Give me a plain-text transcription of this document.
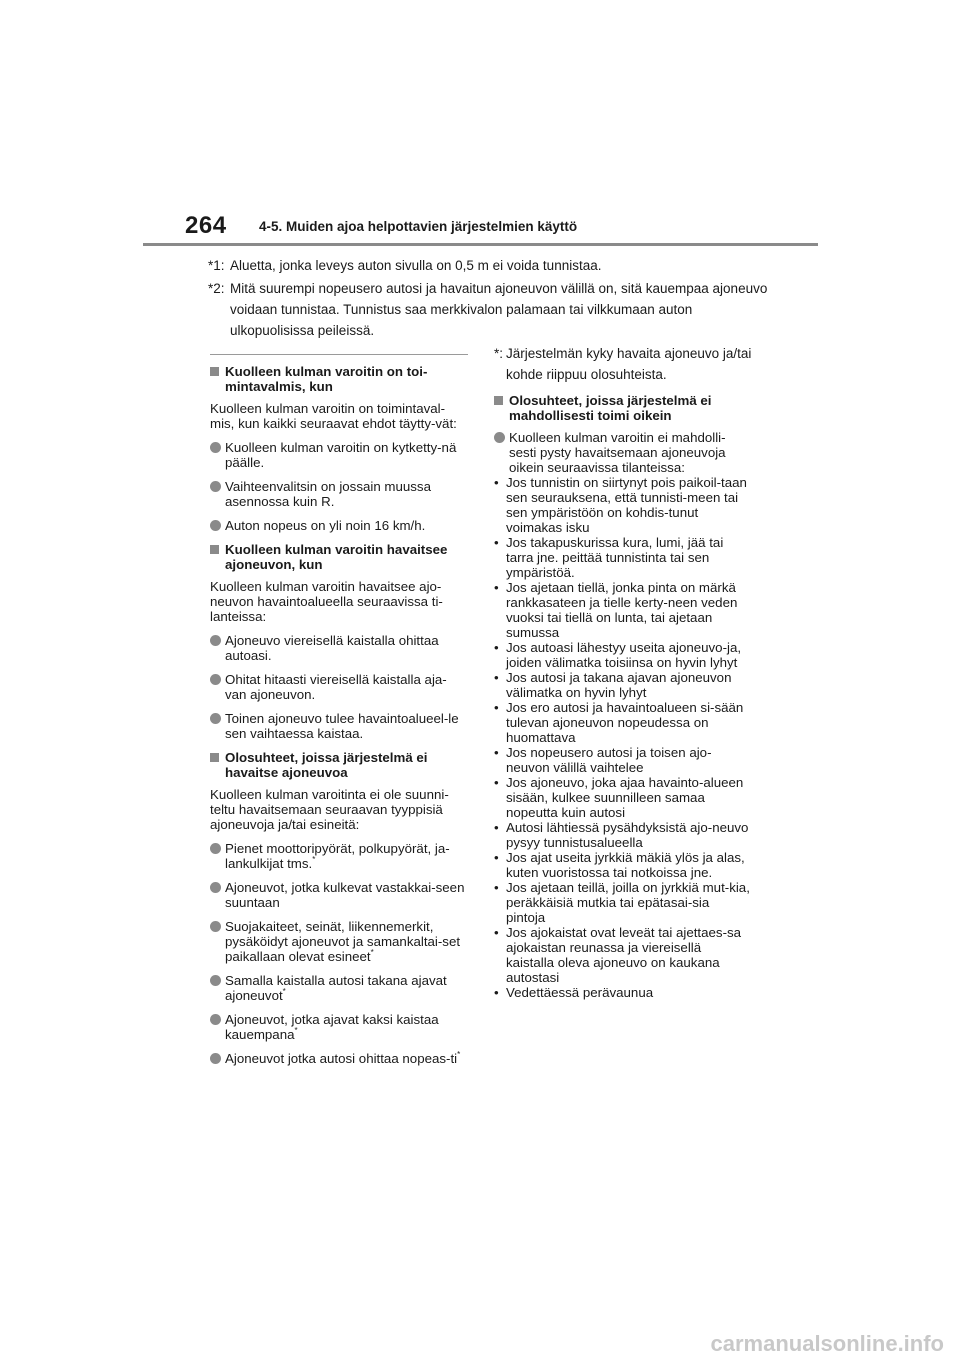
264 4-5. Muiden ajoa helpottavien järjestelmien käyttö
*1: Aluetta, jonka leveys auton sivulla on 0,5 m ei voida tunnistaa.
*2: Mitä suurempi nopeusero autosi ja havaitun ajoneuvon välillä on, sitä kauempaa ajoneuvo voidaan tunnistaa. Tunnistus saa merkkivalon palamaan tai vilkkumaan auton ulkopuolisissa peileissä.
Kuolleen kulman varoitin on toi-mintavalmis, kun
Kuolleen kulman varoitin on toimintaval-mis, kun kaikki seuraavat ehdot täytty-vät:
Kuolleen kulman varoitin on kytketty-nä päälle.
Vaihteenvalitsin on jossain muussa asennossa kuin R.
Auton nopeus on yli noin 16 km/h.
Kuolleen kulman varoitin havaitsee ajoneuvon, kun
Kuolleen kulman varoitin havaitsee ajo-neuvon havaintoalueella seuraavissa ti-lanteissa:
Ajoneuvo viereisellä kaistalla ohittaa autoasi.
Ohitat hitaasti viereisellä kaistalla aja-van ajoneuvon.
Toinen ajoneuvo tulee havaintoalueel-le sen vaihtaessa kaistaa.
Olosuhteet, joissa järjestelmä ei havaitse ajoneuvoa
Kuolleen kulman varoitinta ei ole suunni-teltu havaitsemaan seuraavan tyyppisiä ajoneuvoja ja/tai esineitä:
Pienet moottoripyörät, polkupyörät, ja-lankulkijat tms.*
Ajoneuvot, jotka kulkevat vastakkai-seen suuntaan
Suojakaiteet, seinät, liikennemerkit, pysäköidyt ajoneuvot ja samankaltai-set paikallaan olevat esineet*
Samalla kaistalla autosi takana ajavat ajoneuvot*
Ajoneuvot, jotka ajavat kaksi kaistaa kauempana*
Ajoneuvot jotka autosi ohittaa nopeas-ti*
*: Järjestelmän kyky havaita ajoneuvo ja/tai kohde riippuu olosuhteista.
Olosuhteet, joissa järjestelmä ei mahdollisesti toimi oikein
Kuolleen kulman varoitin ei mahdolli-sesti pysty havaitsemaan ajoneuvoja oikein seuraavissa tilanteissa:
• Jos tunnistin on siirtynyt pois paikoil-taan sen seurauksena, että tunnisti-meen tai sen ympäristöön on kohdis-tunut voimakas isku
• Jos takapuskurissa kura, lumi, jää tai tarra jne. peittää tunnistinta tai sen ympäristöä.
• Jos ajetaan tiellä, jonka pinta on märkä rankkasateen ja tielle kerty-neen veden vuoksi tai tiellä on lunta, tai ajetaan sumussa
• Jos autoasi lähestyy useita ajoneuvo-ja, joiden välimatka toisiinsa on hyvin lyhyt
• Jos autosi ja takana ajavan ajoneuvon välimatka on hyvin lyhyt
• Jos ero autosi ja havaintoalueen si-sään tulevan ajoneuvon nopeudessa on huomattava
• Jos nopeusero autosi ja toisen ajo-neuvon välillä vaihtelee
• Jos ajoneuvo, joka ajaa havainto-alueen sisään, kulkee suunnilleen samaa nopeutta kuin autosi
• Autosi lähtiessä pysähdyksistä ajo-neuvo pysyy tunnistusalueella
• Jos ajat useita jyrkkiä mäkiä ylös ja alas, kuten vuoristossa tai notkoissa jne.
• Jos ajetaan teillä, joilla on jyrkkiä mut-kia, peräkkäisiä mutkia tai epätasai-sia pintoja
• Jos ajokaistat ovat leveät tai ajettaes-sa ajokaistan reunassa ja viereisellä kaistalla oleva ajoneuvo on kaukana autostasi
• Vedettäessä perävaunua
carmanualsonline.info
